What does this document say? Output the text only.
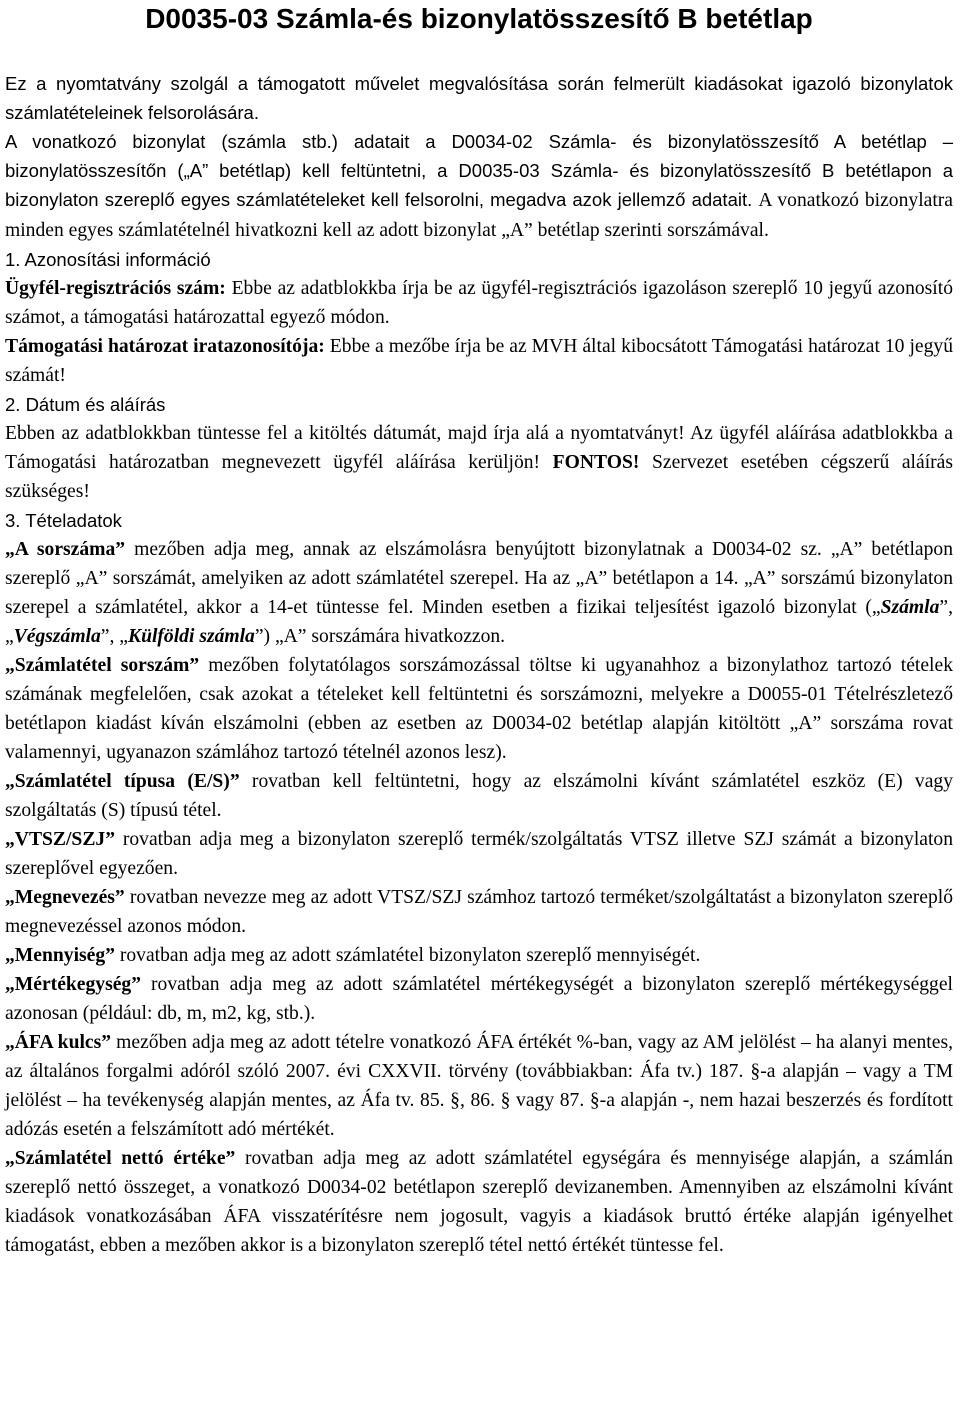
D0035-03 Számla-és bizonylatösszesítő B betétlap

Ez a nyomtatvány szolgál a támogatott művelet megvalósítása során felmerült kiadásokat igazoló bizonylatok számlatételeinek felsorolására.

A vonatkozó bizonylat (számla stb.) adatait a D0034-02 Számla- és bizonylatösszesítő A betétlap – bizonylatösszesítőn („A” betétlap) kell feltüntetni, a D0035-03 Számla- és bizonylatösszesítő B betétlapon a bizonylaton szereplő egyes számlatételeket kell felsorolni, megadva azok jellemző adatait. A vonatkozó bizonylatra minden egyes számlatételnél hivatkozni kell az adott bizonylat „A” betétlap szerinti sorszámával.

1. Azonosítási információ

Ügyfél-regisztrációs szám: Ebbe az adatblokkba írja be az ügyfél-regisztrációs igazoláson szereplő 10 jegyű azonosító számot, a támogatási határozattal egyező módon.

Támogatási határozat iratazonosítója: Ebbe a mezőbe írja be az MVH által kibocsátott Támogatási határozat 10 jegyű számát!

2. Dátum és aláírás

Ebben az adatblokkban tüntesse fel a kitöltés dátumát, majd írja alá a nyomtatványt! Az ügyfél aláírása adatblokkba a Támogatási határozatban megnevezett ügyfél aláírása kerüljön! FONTOS! Szervezet esetében cégszerű aláírás szükséges!

3. Tételadatok

„A sorszáma” mezőben adja meg, annak az elszámolásra benyújtott bizonylatnak a D0034-02 sz. „A” betétlapon szereplő „A” sorszámát, amelyiken az adott számlatétel szerepel. Ha az „A” betétlapon a 14. „A” sorszámú bizonylaton szerepel a számlatétel, akkor a 14-et tüntesse fel. Minden esetben a fizikai teljesítést igazoló bizonylat („Számla”, „Végszámla”, „Külföldi számla”) „A” sorszámára hivatkozzon.

„Számlatétel sorszám” mezőben folytatólagos sorszámozással töltse ki ugyanahhoz a bizonylathoz tartozó tételek számának megfelelően, csak azokat a tételeket kell feltüntetni és sorszámozni, melyekre a D0055-01 Tételrészletező betétlapon kiadást kíván elszámolni (ebben az esetben az D0034-02 betétlap alapján kitöltött „A” sorszáma rovat valamennyi, ugyanazon számlához tartozó tételnél azonos lesz).

„Számlatétel típusa (E/S)” rovatban kell feltüntetni, hogy az elszámolni kívánt számlatétel eszköz (E) vagy szolgáltatás (S) típusú tétel.

„VTSZ/SZJ” rovatban adja meg a bizonylaton szereplő termék/szolgáltatás VTSZ illetve SZJ számát a bizonylaton szereplővel egyezően.

„Megnevezés” rovatban nevezze meg az adott VTSZ/SZJ számhoz tartozó terméket/szolgáltatást a bizonylaton szereplő megnevezéssel azonos módon.

„Mennyiség” rovatban adja meg az adott számlatétel bizonylaton szereplő mennyiségét.

„Mértékegység” rovatban adja meg az adott számlatétel mértékegységét a bizonylaton szereplő mértékegységgel azonosan (például: db, m, m2, kg, stb.).

„ÁFA kulcs” mezőben adja meg az adott tételre vonatkozó ÁFA értékét %-ban, vagy az AM jelölést – ha alanyi mentes, az általános forgalmi adóról szóló 2007. évi CXXVII. törvény (továbbiakban: Áfa tv.) 187. §-a alapján – vagy a TM jelölést – ha tevékenység alapján mentes, az Áfa tv. 85. §, 86. § vagy 87. §-a alapján -, nem hazai beszerzés és fordított adózás esetén a felszámított adó mértékét.

„Számlatétel nettó értéke” rovatban adja meg az adott számlatétel egységára és mennyisége alapján, a számlán szereplő nettó összeget, a vonatkozó D0034-02 betétlapon szereplő devizanemben. Amennyiben az elszámolni kívánt kiadások vonatkozásában ÁFA visszatérítésre nem jogosult, vagyis a kiadások bruttó értéke alapján igényelhet támogatást, ebben a mezőben akkor is a bizonylaton szereplő tétel nettó értékét tüntesse fel.
